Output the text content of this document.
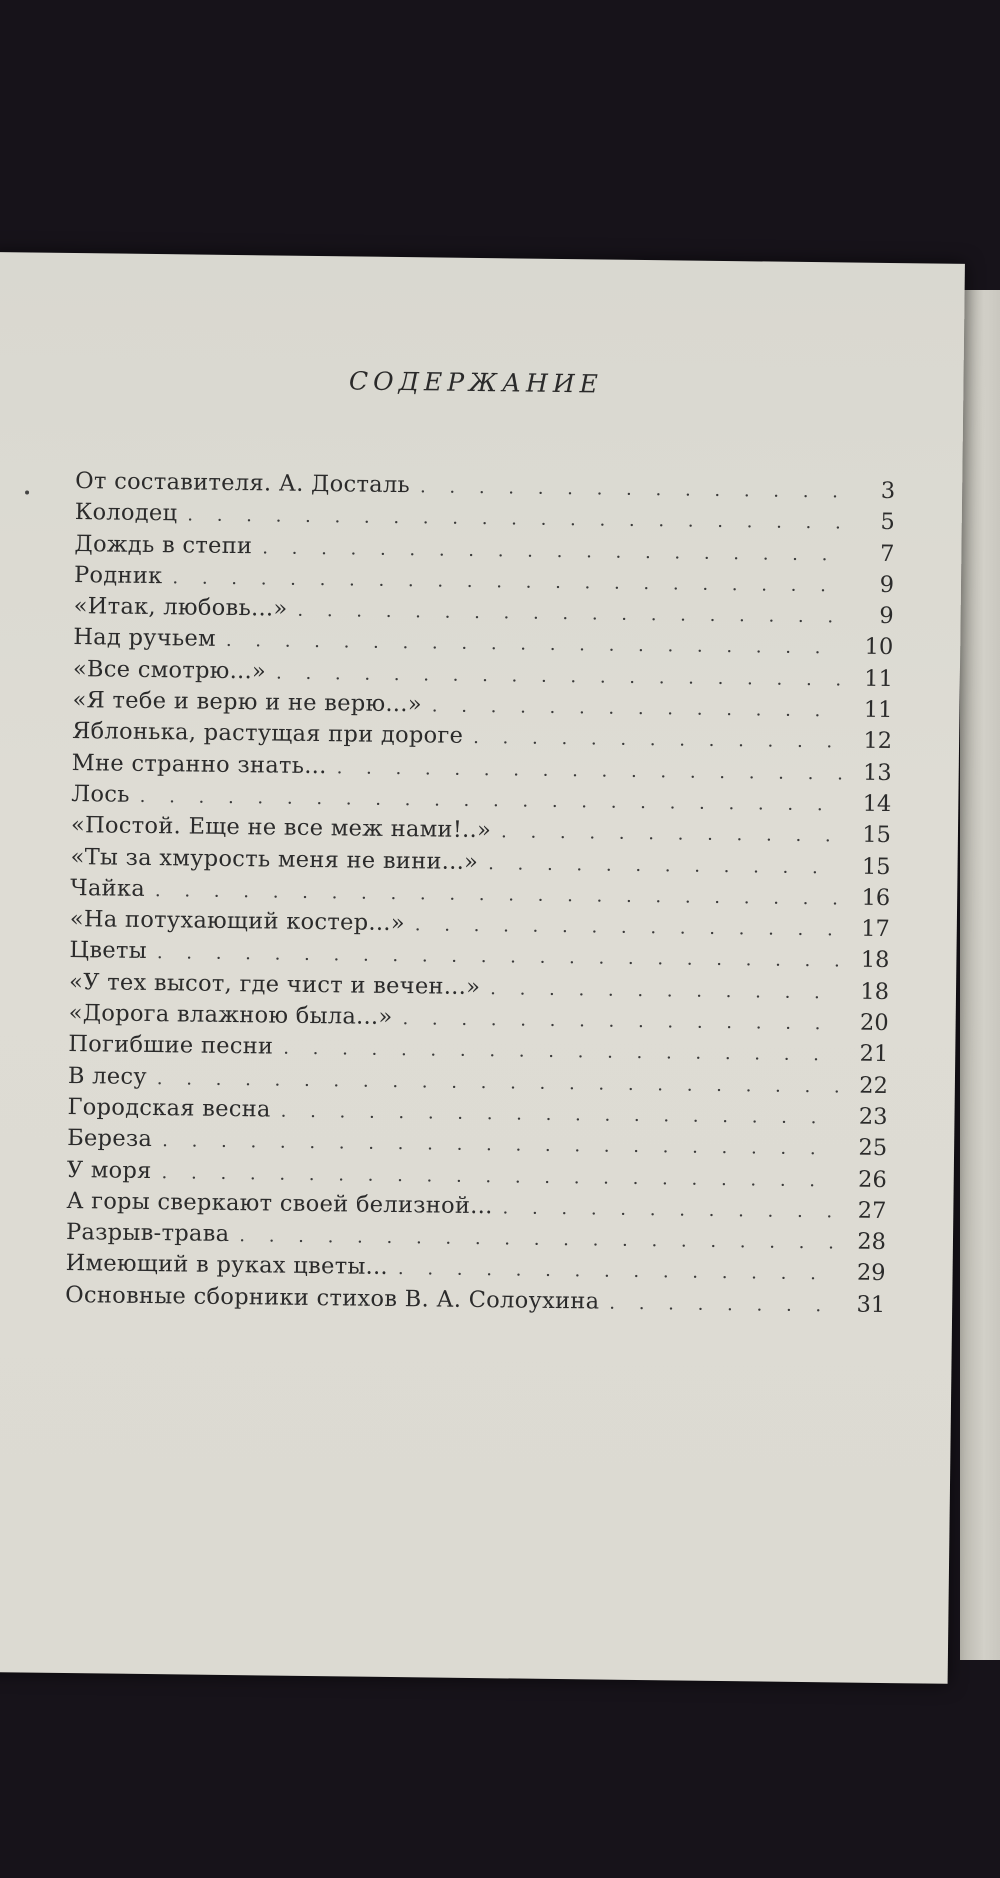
СОДЕРЖАНИЕ
От составителя. А. Досталь . . .	3
Колодец . . .	5
Дождь в степи . . .	7
Родник . . .	9
«Итак, любовь...» . . .	9
Над ручьем . . .	10
«Все смотрю...» . . .	11
«Я тебе и верю и не верю...» . . .	11
Яблонька, растущая при дороге . . .	12
Мне странно знать... . . .	13
Лось . . .	14
«Постой. Еще не все меж нами!..» . . .	15
«Ты за хмурость меня не вини...» . . .	15
Чайка . . .	16
«На потухающий костер...» . . .	17
Цветы . . .	18
«У тех высот, где чист и вечен...» . . .	18
«Дорога влажною была...» . . .	20
Погибшие песни . . .	21
В лесу . . .	22
Городская весна . . .	23
Береза . . .	25
У моря . . .	26
А горы сверкают своей белизной... . . .	27
Разрыв-трава . . .	28
Имеющий в руках цветы... . . .	29
Основные сборники стихов В. А. Солоухина . . .	31
